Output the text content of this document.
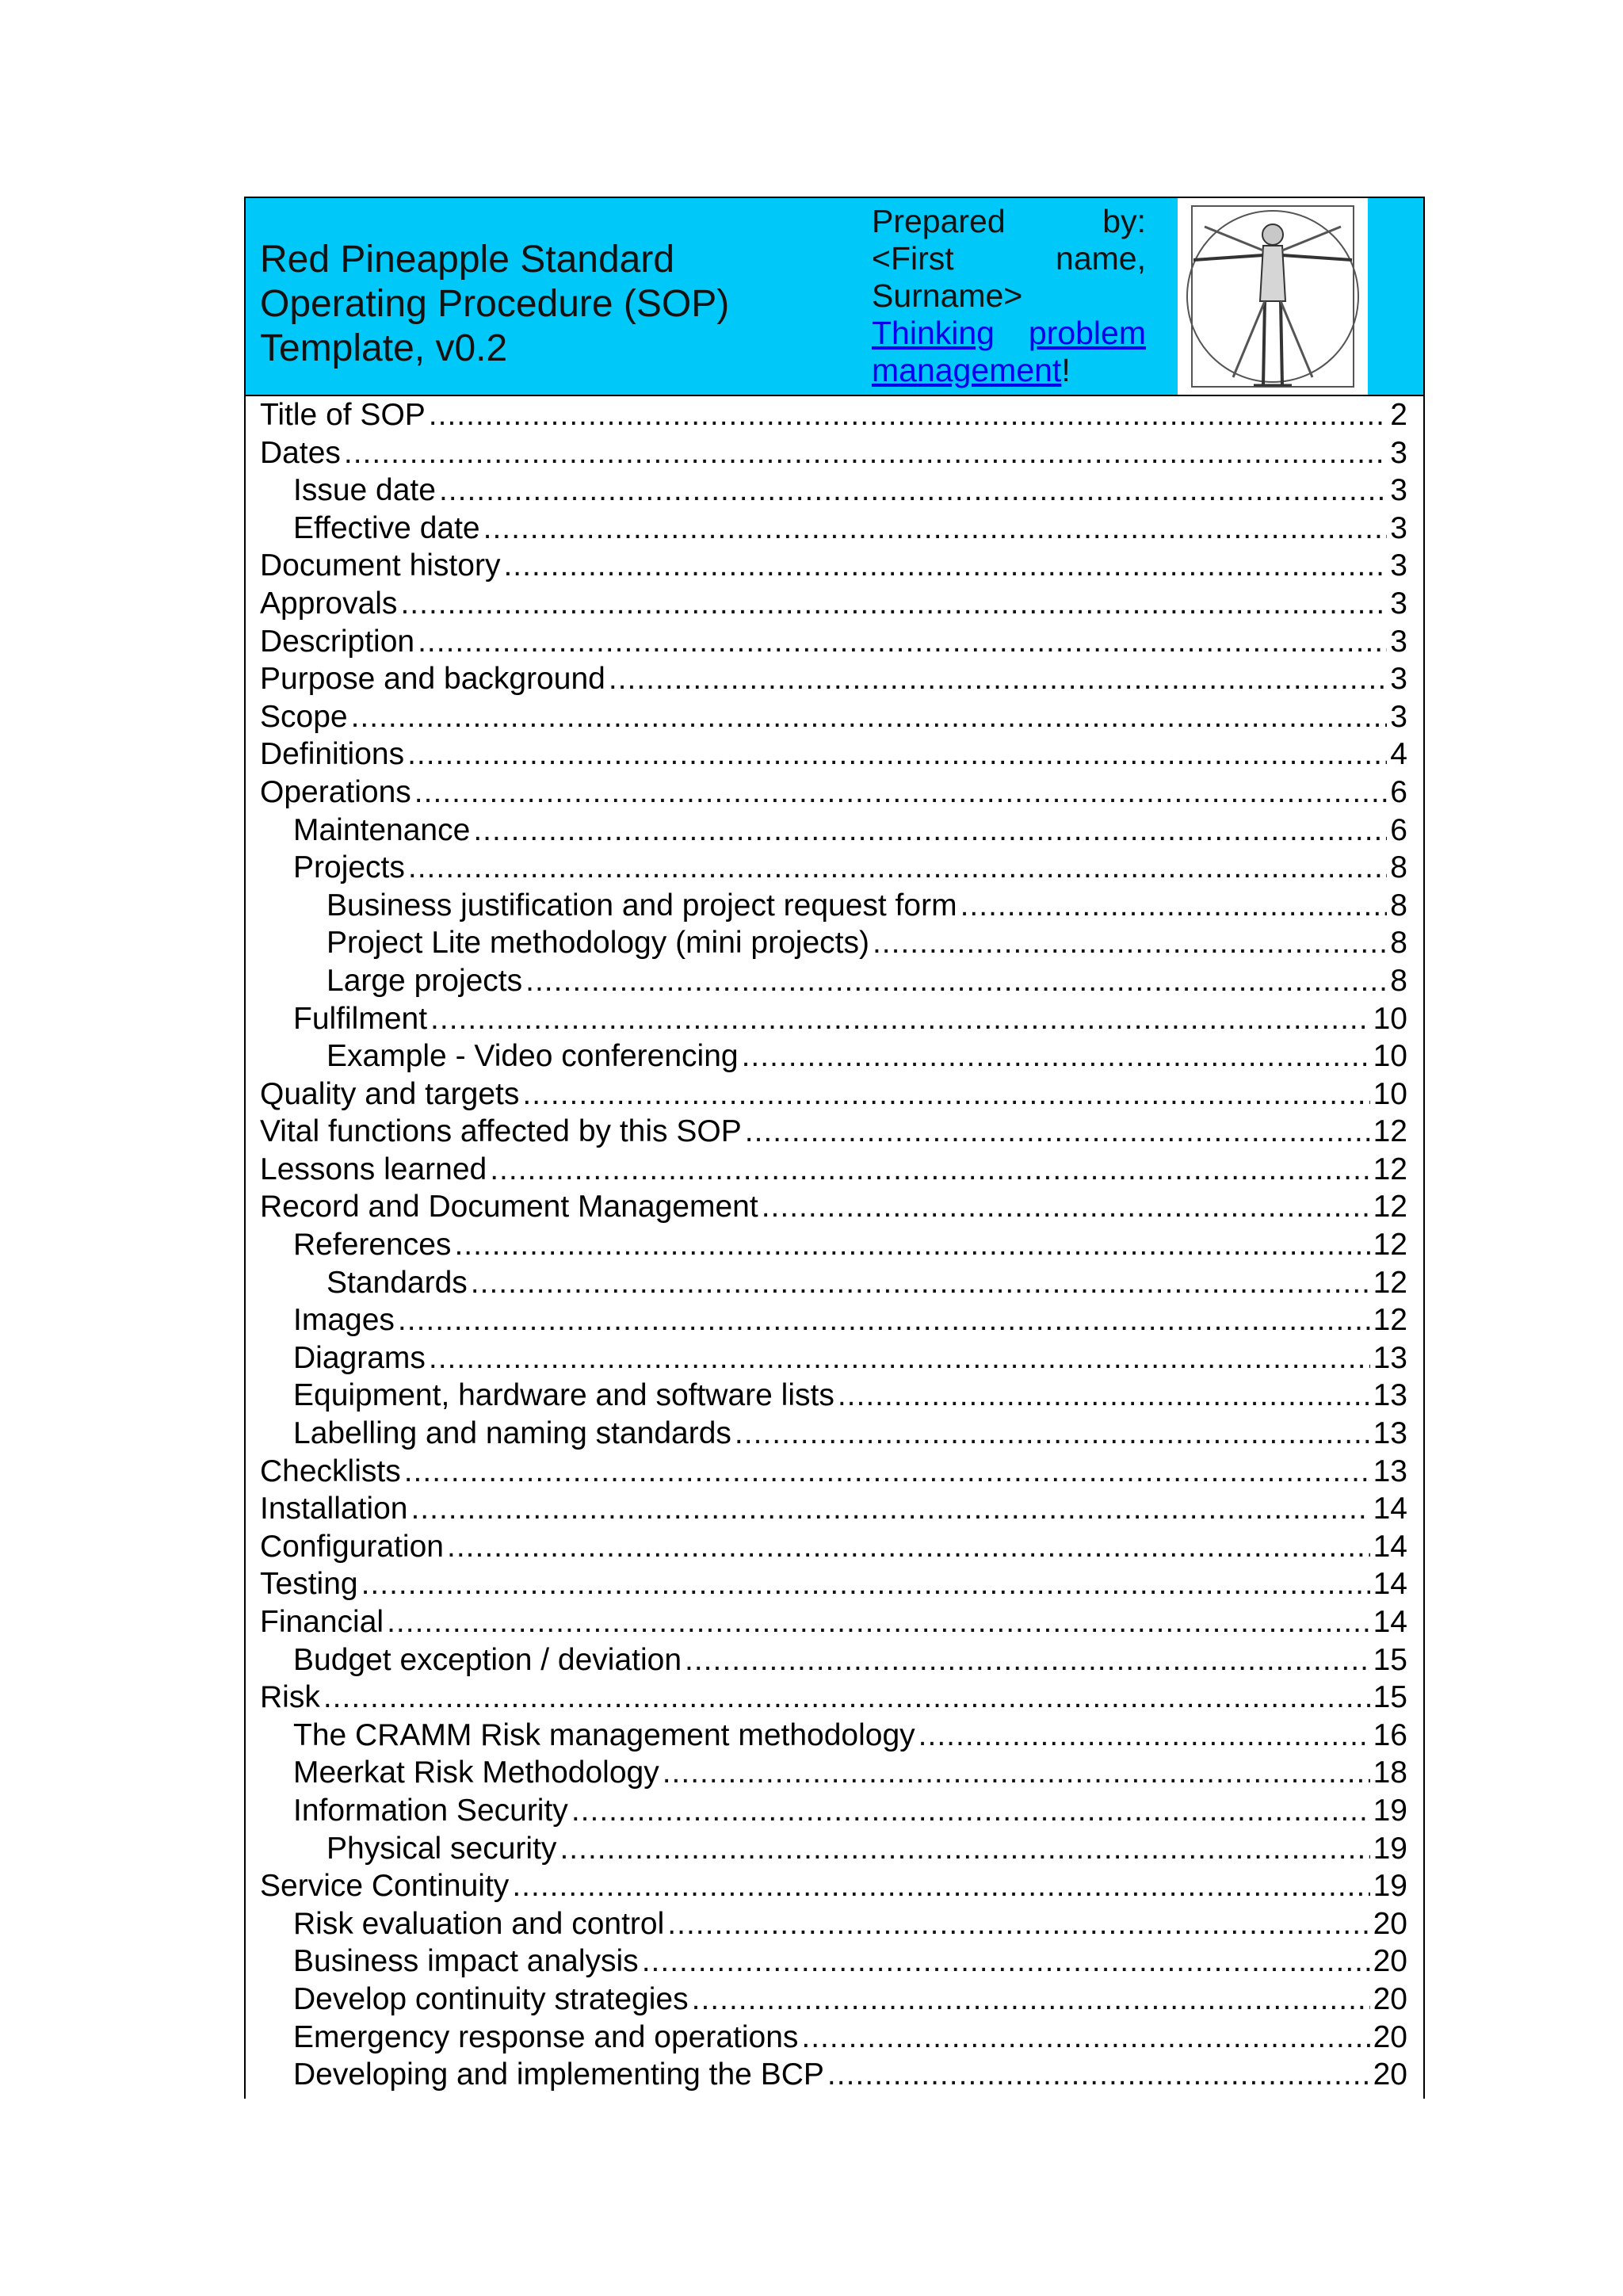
Red Pineapple Standard
Operating Procedure (SOP)
Template, v0.2
Prepared	by:
<First	name,
Surname>
Thinking problem
management!
Title of SOP .....	2
Dates .....	3
Issue date .....	3
Effective date .....	3
Document history .....	3
Approvals .....	3
Description .....	3
Purpose and background .....	3
Scope .....	3
Definitions .....	4
Operations .....	6
Maintenance .....	6
Projects .....	8
Business justification and project request form .....	8
Project Lite methodology (mini projects) .....	8
Large projects .....	8
Fulfilment .....	10
Example - Video conferencing .....	10
Quality and targets .....	10
Vital functions affected by this SOP .....	12
Lessons learned .....	12
Record and Document Management .....	12
References .....	12
Standards .....	12
Images .....	12
Diagrams .....	13
Equipment, hardware and software lists .....	13
Labelling and naming standards .....	13
Checklists .....	13
Installation .....	14
Configuration .....	14
Testing .....	14
Financial .....	14
Budget exception / deviation .....	15
Risk .....	15
The CRAMM Risk management methodology .....	16
Meerkat Risk Methodology .....	18
Information Security .....	19
Physical security .....	19
Service Continuity .....	19
Risk evaluation and control .....	20
Business impact analysis .....	20
Develop continuity strategies .....	20
Emergency response and operations .....	20
Developing and implementing the BCP .....	20
